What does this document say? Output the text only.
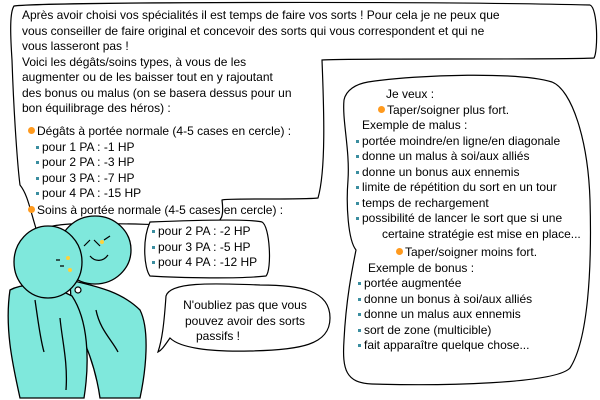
Après avoir choisi vos spécialités il est temps de faire vos sorts ! Pour cela je ne peux que
vous conseiller de faire original et concevoir des sorts qui vous correspondent et qui ne
vous lasseront pas !
Voici les dégâts/soins types, à vous de les
augmenter ou de les baisser tout en y rajoutant
des bonus ou malus (on se basera dessus pour un
bon équilibrage des héros) :
Dégâts à portée normale (4-5 cases en cercle) :
pour 1 PA : -1 HP
pour 2 PA : -3 HP
pour 3 PA : -7 HP
pour 4 PA : -15 HP
Soins à portée normale (4-5 cases en cercle) :
pour 2 PA : -2 HP
pour 3 PA : -5 HP
pour 4 PA : -12 HP
N'oubliez pas que vous
pouvez avoir des sorts
passifs !
Je veux :
Taper/soigner plus fort.
Exemple de malus :
portée moindre/en ligne/en diagonale
donne un malus à soi/aux alliés
donne un bonus aux ennemis
limite de répétition du sort en un tour
temps de rechargement
possibilité de lancer le sort que si une
certaine stratégie est mise en place...
Taper/soigner moins fort.
Exemple de bonus :
portée augmentée
donne un bonus à soi/aux alliés
donne un malus aux ennemis
sort de zone (multicible)
fait apparaître quelque chose...
